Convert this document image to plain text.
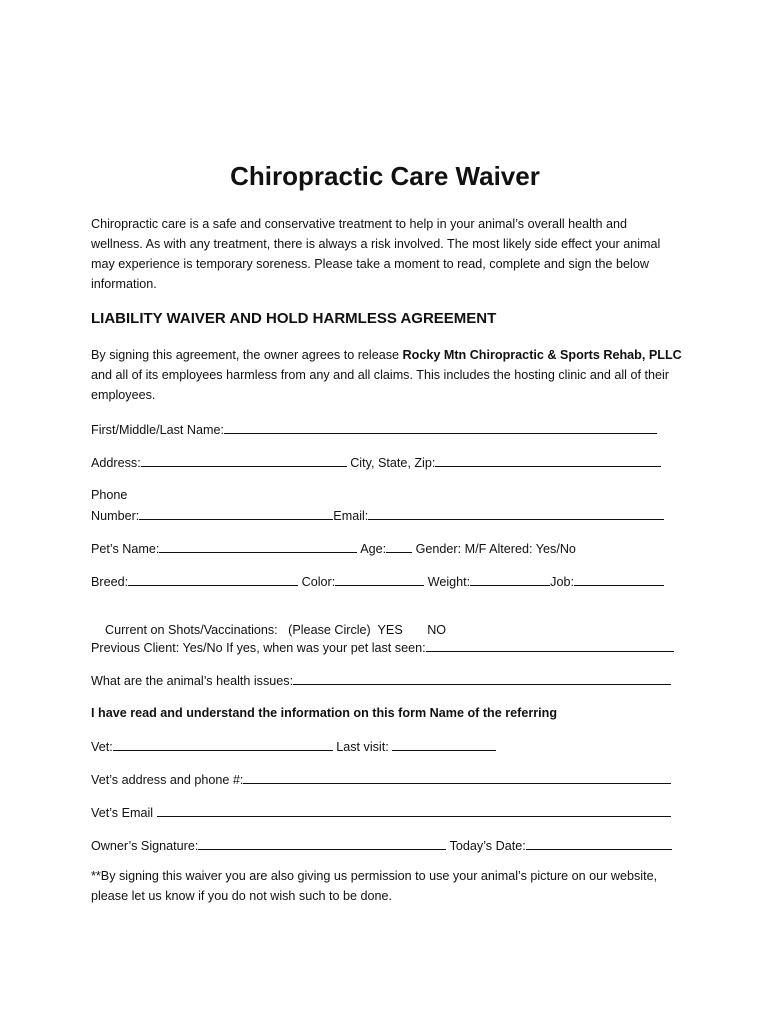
Chiropractic Care Waiver
Chiropractic care is a safe and conservative treatment to help in your animal’s overall health and
wellness. As with any treatment, there is always a risk involved. The most likely side effect your animal
may experience is temporary soreness. Please take a moment to read, complete and sign the below
information.
LIABILITY WAIVER AND HOLD HARMLESS AGREEMENT
By signing this agreement, the owner agrees to release Rocky Mtn Chiropractic & Sports Rehab, PLLC
and all of its employees harmless from any and all claims. This includes the hosting clinic and all of their
employees.
First/Middle/Last Name:
Address:	City, State, Zip:
Phone
Number:	Email:
Pet’s Name:	Age: Gender: M/F Altered: Yes/No
Breed:	Color:	Weight:	Job:

Current on Shots/Vaccinations:   (Please Circle)  YES       NO

Previous Client: Yes/No If yes, when was your pet last seen:
What are the animal’s health issues:
I have read and understand the information on this form Name of the referring
Vet:	Last visit:
Vet’s address and phone #:
Vet’s Email
Owner’s Signature:	Today’s Date:
**By signing this waiver you are also giving us permission to use your animal’s picture on our website,
please let us know if you do not wish such to be done.
